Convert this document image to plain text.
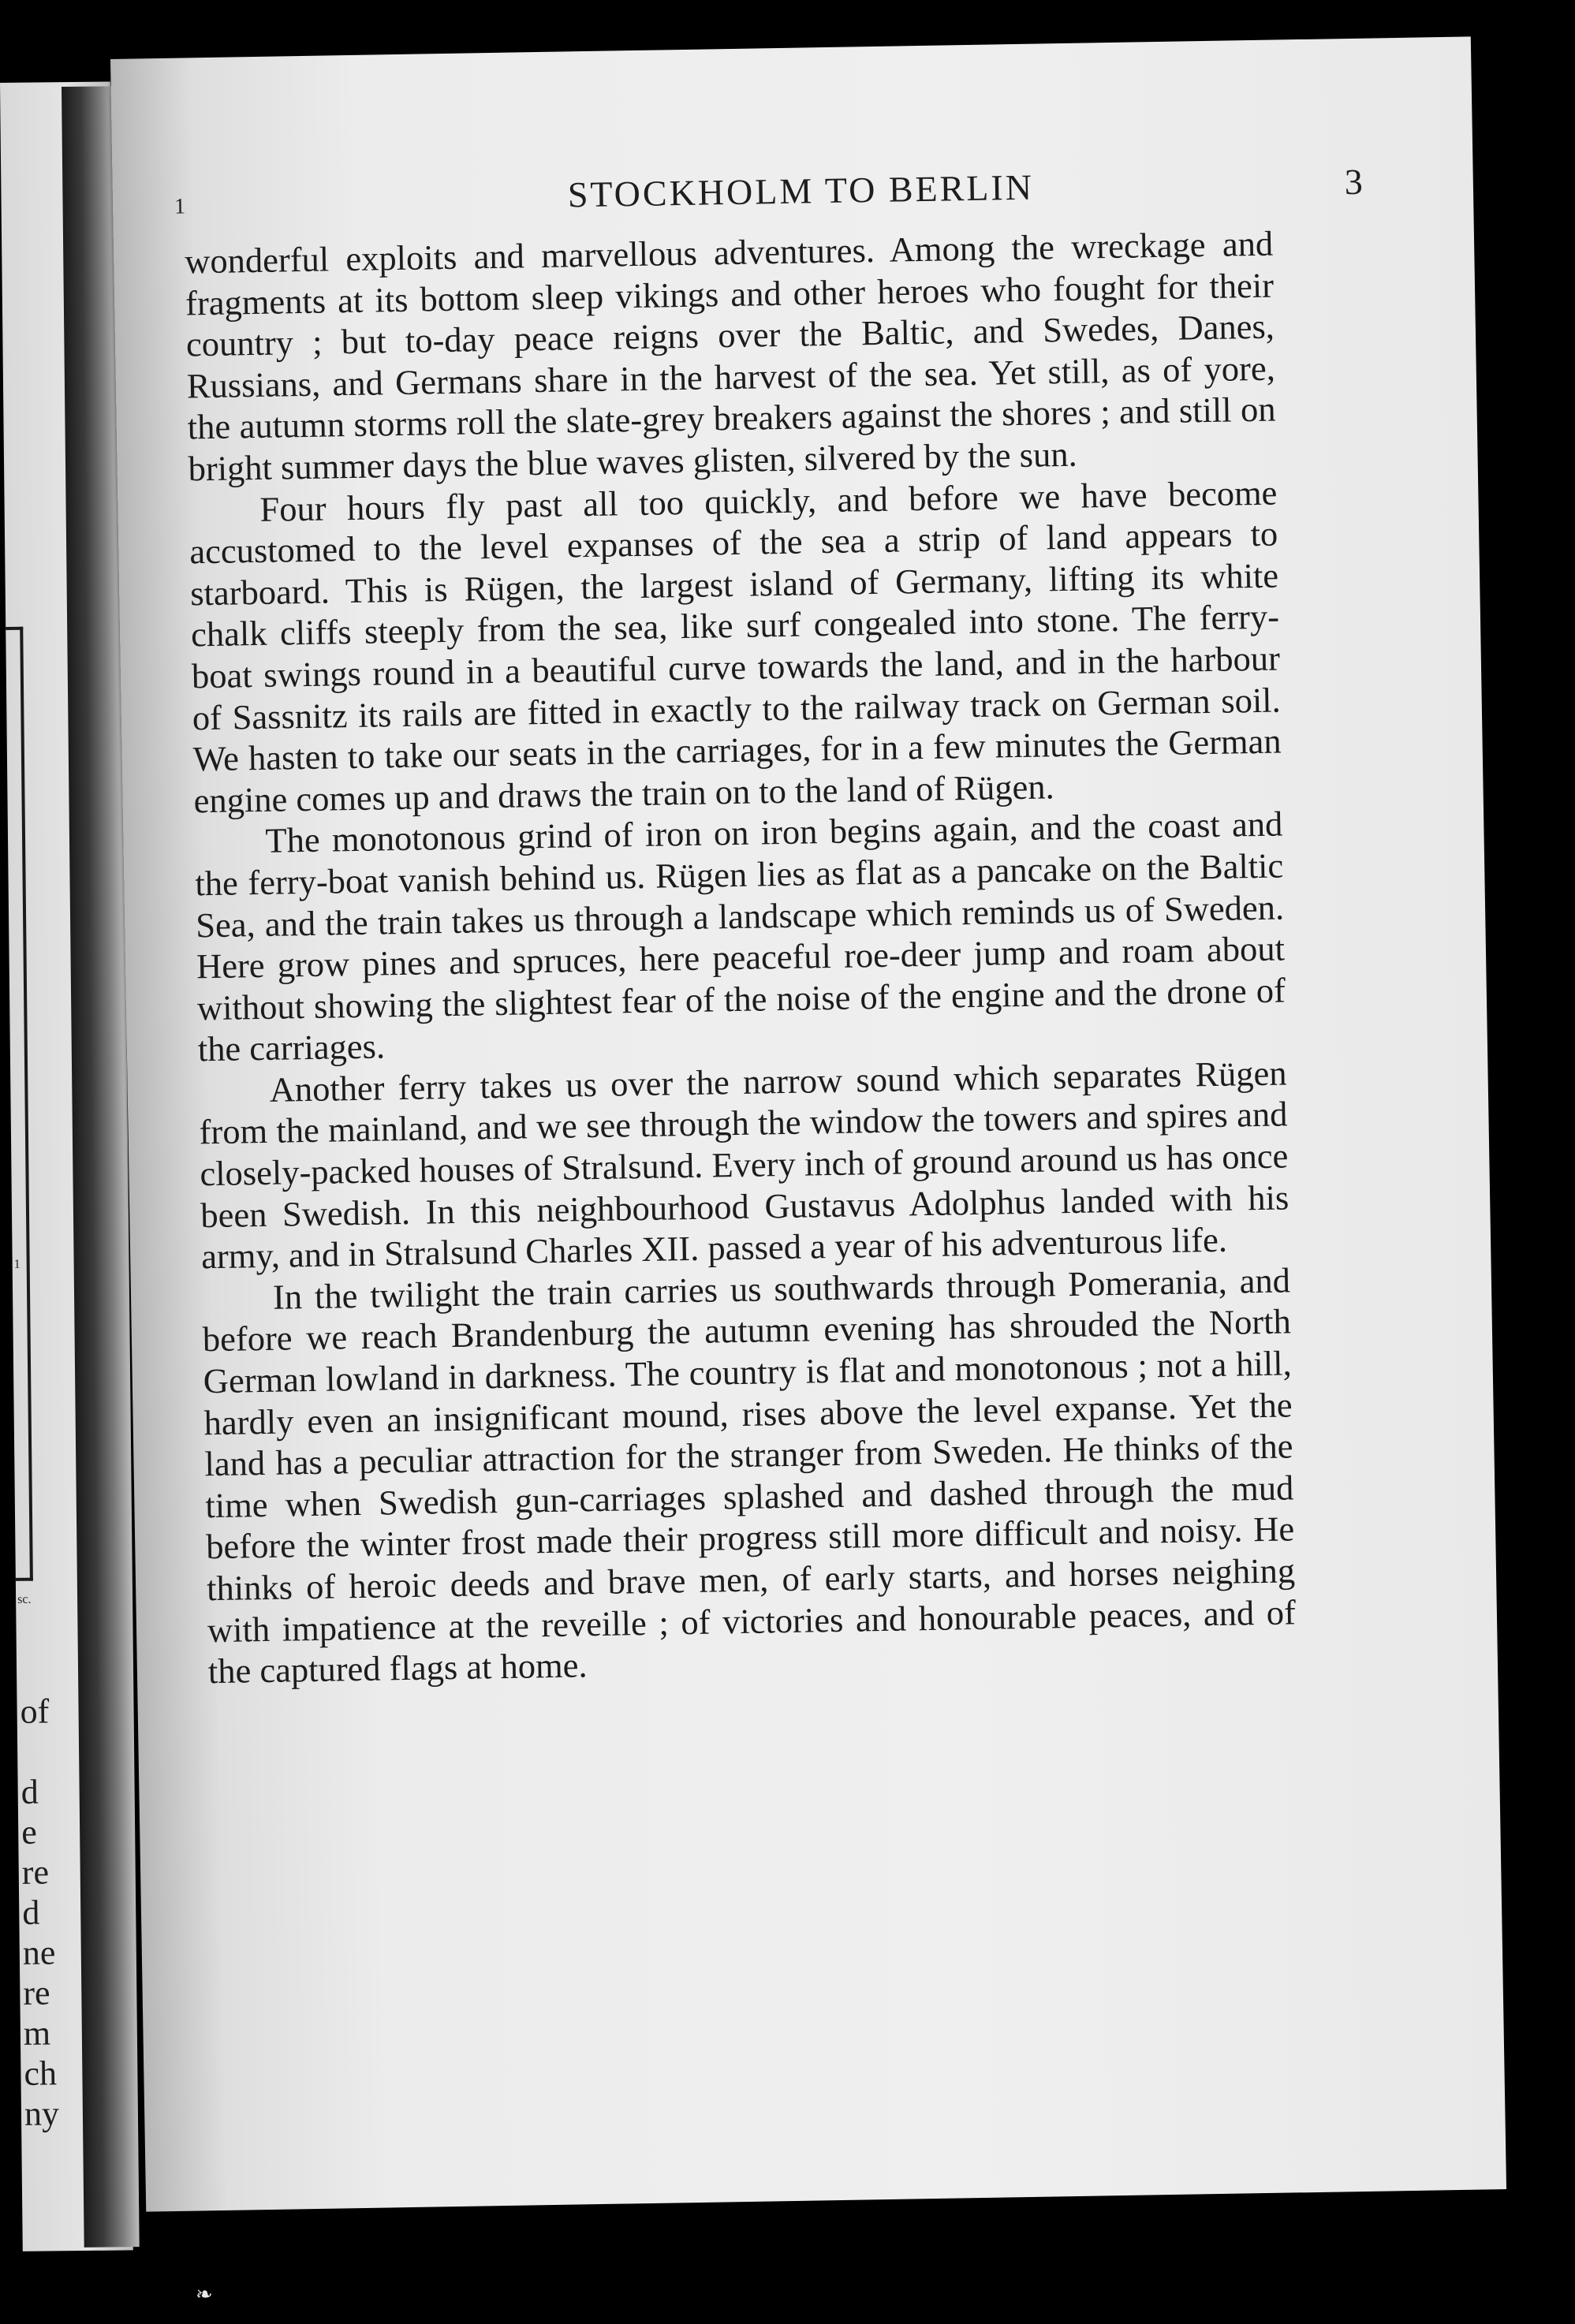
1
sc.
of
d
e
re
d
ne
re
m
ch
ny
1	STOCKHOLM TO BERLIN	3

wonderful exploits and marvellous adventures. Among the wreckage and fragments at its bottom sleep vikings and other heroes who fought for their country ; but to-day peace reigns over the Baltic, and Swedes, Danes, Russians, and Germans share in the harvest of the sea. Yet still, as of yore, the autumn storms roll the slate-grey breakers against the shores ; and still on bright summer days the blue waves glisten, silvered by the sun.

Four hours fly past all too quickly, and before we have become accustomed to the level expanses of the sea a strip of land appears to starboard. This is Rügen, the largest island of Germany, lifting its white chalk cliffs steeply from the sea, like surf congealed into stone. The ferry-boat swings round in a beautiful curve towards the land, and in the harbour of Sassnitz its rails are fitted in exactly to the railway track on German soil. We hasten to take our seats in the carriages, for in a few minutes the German engine comes up and draws the train on to the land of Rügen.

The monotonous grind of iron on iron begins again, and the coast and the ferry-boat vanish behind us. Rügen lies as flat as a pancake on the Baltic Sea, and the train takes us through a landscape which reminds us of Sweden. Here grow pines and spruces, here peaceful roe-deer jump and roam about without showing the slightest fear of the noise of the engine and the drone of the carriages.

Another ferry takes us over the narrow sound which separates Rügen from the mainland, and we see through the window the towers and spires and closely-packed houses of Stralsund. Every inch of ground around us has once been Swedish. In this neighbourhood Gustavus Adolphus landed with his army, and in Stralsund Charles XII. passed a year of his adventurous life.

In the twilight the train carries us southwards through Pomerania, and before we reach Brandenburg the autumn evening has shrouded the North German lowland in darkness. The country is flat and monotonous ; not a hill, hardly even an insignificant mound, rises above the level expanse. Yet the land has a peculiar attraction for the stranger from Sweden. He thinks of the time when Swedish gun-carriages splashed and dashed through the mud before the winter frost made their progress still more difficult and noisy. He thinks of heroic deeds and brave men, of early starts, and horses neighing with impatience at the reveille ; of victories and honourable peaces, and of the captured flags at home.

❧
